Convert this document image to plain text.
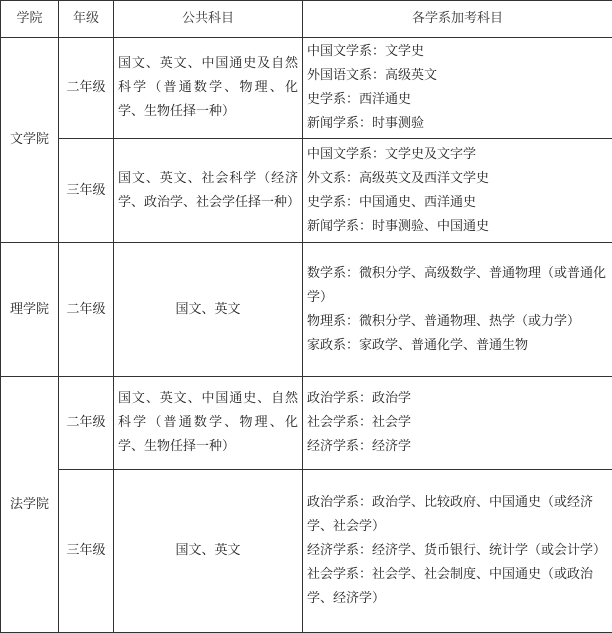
学院	年级	公共科目	各学系加考科目
文学院	二年级	国文、英文、中国通史及自然科学（普通数学、物理、化学、生物任择一种）	中国文学系：文学史
外国语文系：高级英文
史学系：西洋通史
新闻学系：时事测验

	三年级	国文、英文、社会科学（经济学、政治学、社会学任择一种）	中国文学系：文学史及文字学
外文系：高级英文及西洋文学史
史学系：中国通史、西洋通史
新闻学系：时事测验、中国通史

理学院	二年级	国文、英文	数学系：微积分学、高级数学、普通物理（或普通化学）
物理系：微积分学、普通物理、热学（或力学）
家政系：家政学、普通化学、普通生物

法学院	二年级	国文、英文、中国通史、自然科学（普通数学、物理、化学、生物任择一种）	政治学系：政治学
社会学系：社会学
经济学系：经济学

	三年级	国文、英文	政治学系：政治学、比较政府、中国通史（或经济学、社会学）
经济学系：经济学、货币银行、统计学（或会计学）
社会学系：社会学、社会制度、中国通史（或政治学、经济学）
